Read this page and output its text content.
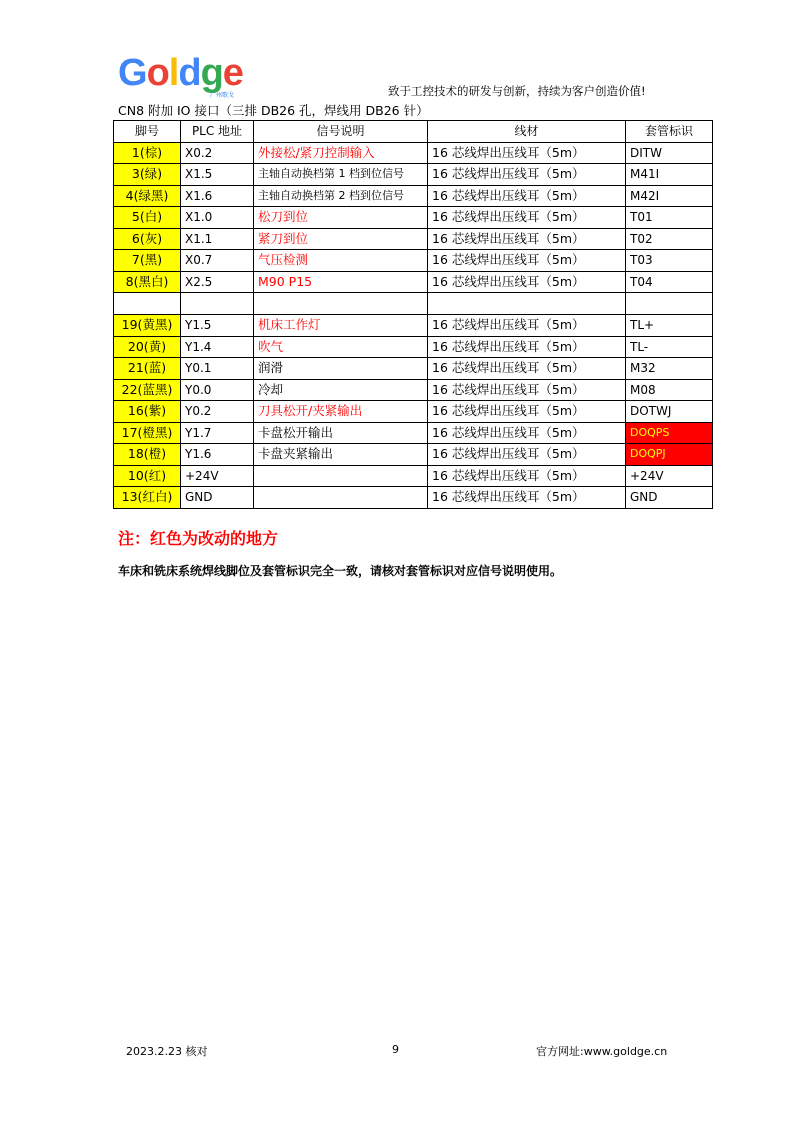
Goldge
广州歌戈	致于工控技术的研发与创新，持续为客户创造价值!
CN8 附加 IO 接口（三排 DB26 孔，焊线用 DB26 针）
脚号	PLC 地址	信号说明	线材	套管标识
1(棕)	X0.2	外接松/紧刀控制输入	16 芯线焊出压线耳（5m）	DITW
3(绿)	X1.5	主轴自动换档第 1 档到位信号	16 芯线焊出压线耳（5m）	M41I
4(绿黑)	X1.6	主轴自动换档第 2 档到位信号	16 芯线焊出压线耳（5m）	M42I
5(白)	X1.0	松刀到位	16 芯线焊出压线耳（5m）	T01
6(灰)	X1.1	紧刀到位	16 芯线焊出压线耳（5m）	T02
7(黑)	X0.7	气压检测	16 芯线焊出压线耳（5m）	T03
8(黑白)	X2.5	M90 P15	16 芯线焊出压线耳（5m）	T04

19(黄黑)	Y1.5	机床工作灯	16 芯线焊出压线耳（5m）	TL+
20(黄)	Y1.4	吹气	16 芯线焊出压线耳（5m）	TL-
21(蓝)	Y0.1	润滑	16 芯线焊出压线耳（5m）	M32
22(蓝黑)	Y0.0	冷却	16 芯线焊出压线耳（5m）	M08
16(紫)	Y0.2	刀具松开/夹紧输出	16 芯线焊出压线耳（5m）	DOTWJ
17(橙黑)	Y1.7	卡盘松开输出	16 芯线焊出压线耳（5m）	DOQPS
18(橙)	Y1.6	卡盘夹紧输出	16 芯线焊出压线耳（5m）	DOQPJ
10(红)	+24V		16 芯线焊出压线耳（5m）	+24V
13(红白)	GND		16 芯线焊出压线耳（5m）	GND
注：红色为改动的地方
车床和铣床系统焊线脚位及套管标识完全一致，请核对套管标识对应信号说明使用。
2023.2.23 核对	9	官方网址:www.goldge.cn
